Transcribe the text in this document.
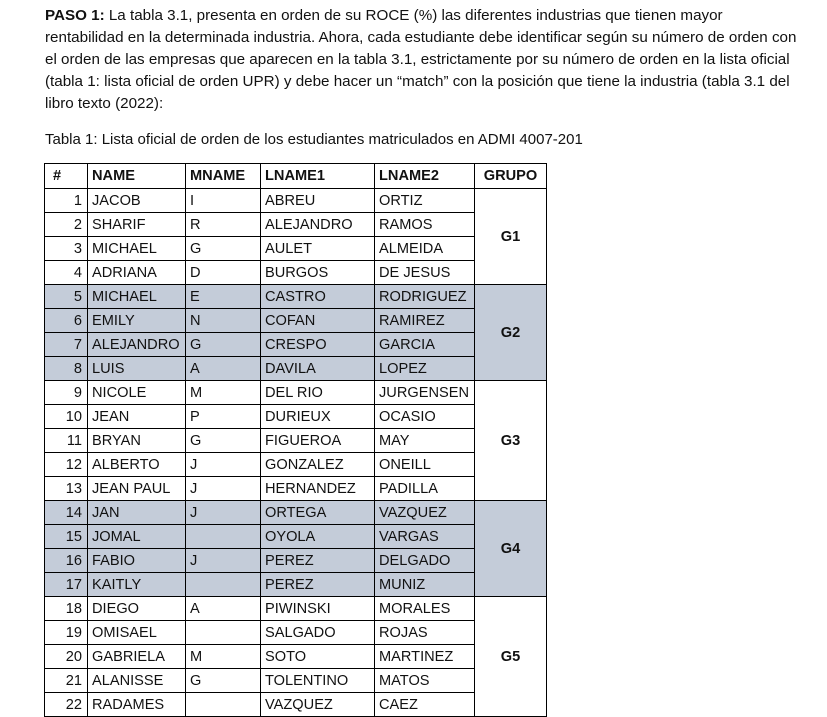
PASO 1: La tabla 3.1, presenta en orden de su ROCE (%) las diferentes industrias que tienen mayor rentabilidad en la determinada industria. Ahora, cada estudiante debe identificar según su número de orden con el orden de las empresas que aparecen en la tabla 3.1, estrictamente por su número de orden en la lista oficial (tabla 1: lista oficial de orden UPR) y debe hacer un “match” con la posición que tiene la industria (tabla 3.1 del libro texto (2022):

Tabla 1: Lista oficial de orden de los estudiantes matriculados en ADMI 4007-201

#	NAME	MNAME	LNAME1	LNAME2	GRUPO
1	JACOB	I	ABREU	ORTIZ	G1
2	SHARIF	R	ALEJANDRO	RAMOS	
3	MICHAEL	G	AULET	ALMEIDA	
4	ADRIANA	D	BURGOS	DE JESUS	
5	MICHAEL	E	CASTRO	RODRIGUEZ	G2
6	EMILY	N	COFAN	RAMIREZ	
7	ALEJANDRO	G	CRESPO	GARCIA	
8	LUIS	A	DAVILA	LOPEZ	
9	NICOLE	M	DEL RIO	JURGENSEN	G3
10	JEAN	P	DURIEUX	OCASIO	
11	BRYAN	G	FIGUEROA	MAY	
12	ALBERTO	J	GONZALEZ	ONEILL	
13	JEAN PAUL	J	HERNANDEZ	PADILLA	
14	JAN	J	ORTEGA	VAZQUEZ	G4
15	JOMAL		OYOLA	VARGAS	
16	FABIO	J	PEREZ	DELGADO	
17	KAITLY		PEREZ	MUNIZ	
18	DIEGO	A	PIWINSKI	MORALES	G5
19	OMISAEL		SALGADO	ROJAS	
20	GABRIELA	M	SOTO	MARTINEZ	
21	ALANISSE	G	TOLENTINO	MATOS	
22	RADAMES		VAZQUEZ	CAEZ	
